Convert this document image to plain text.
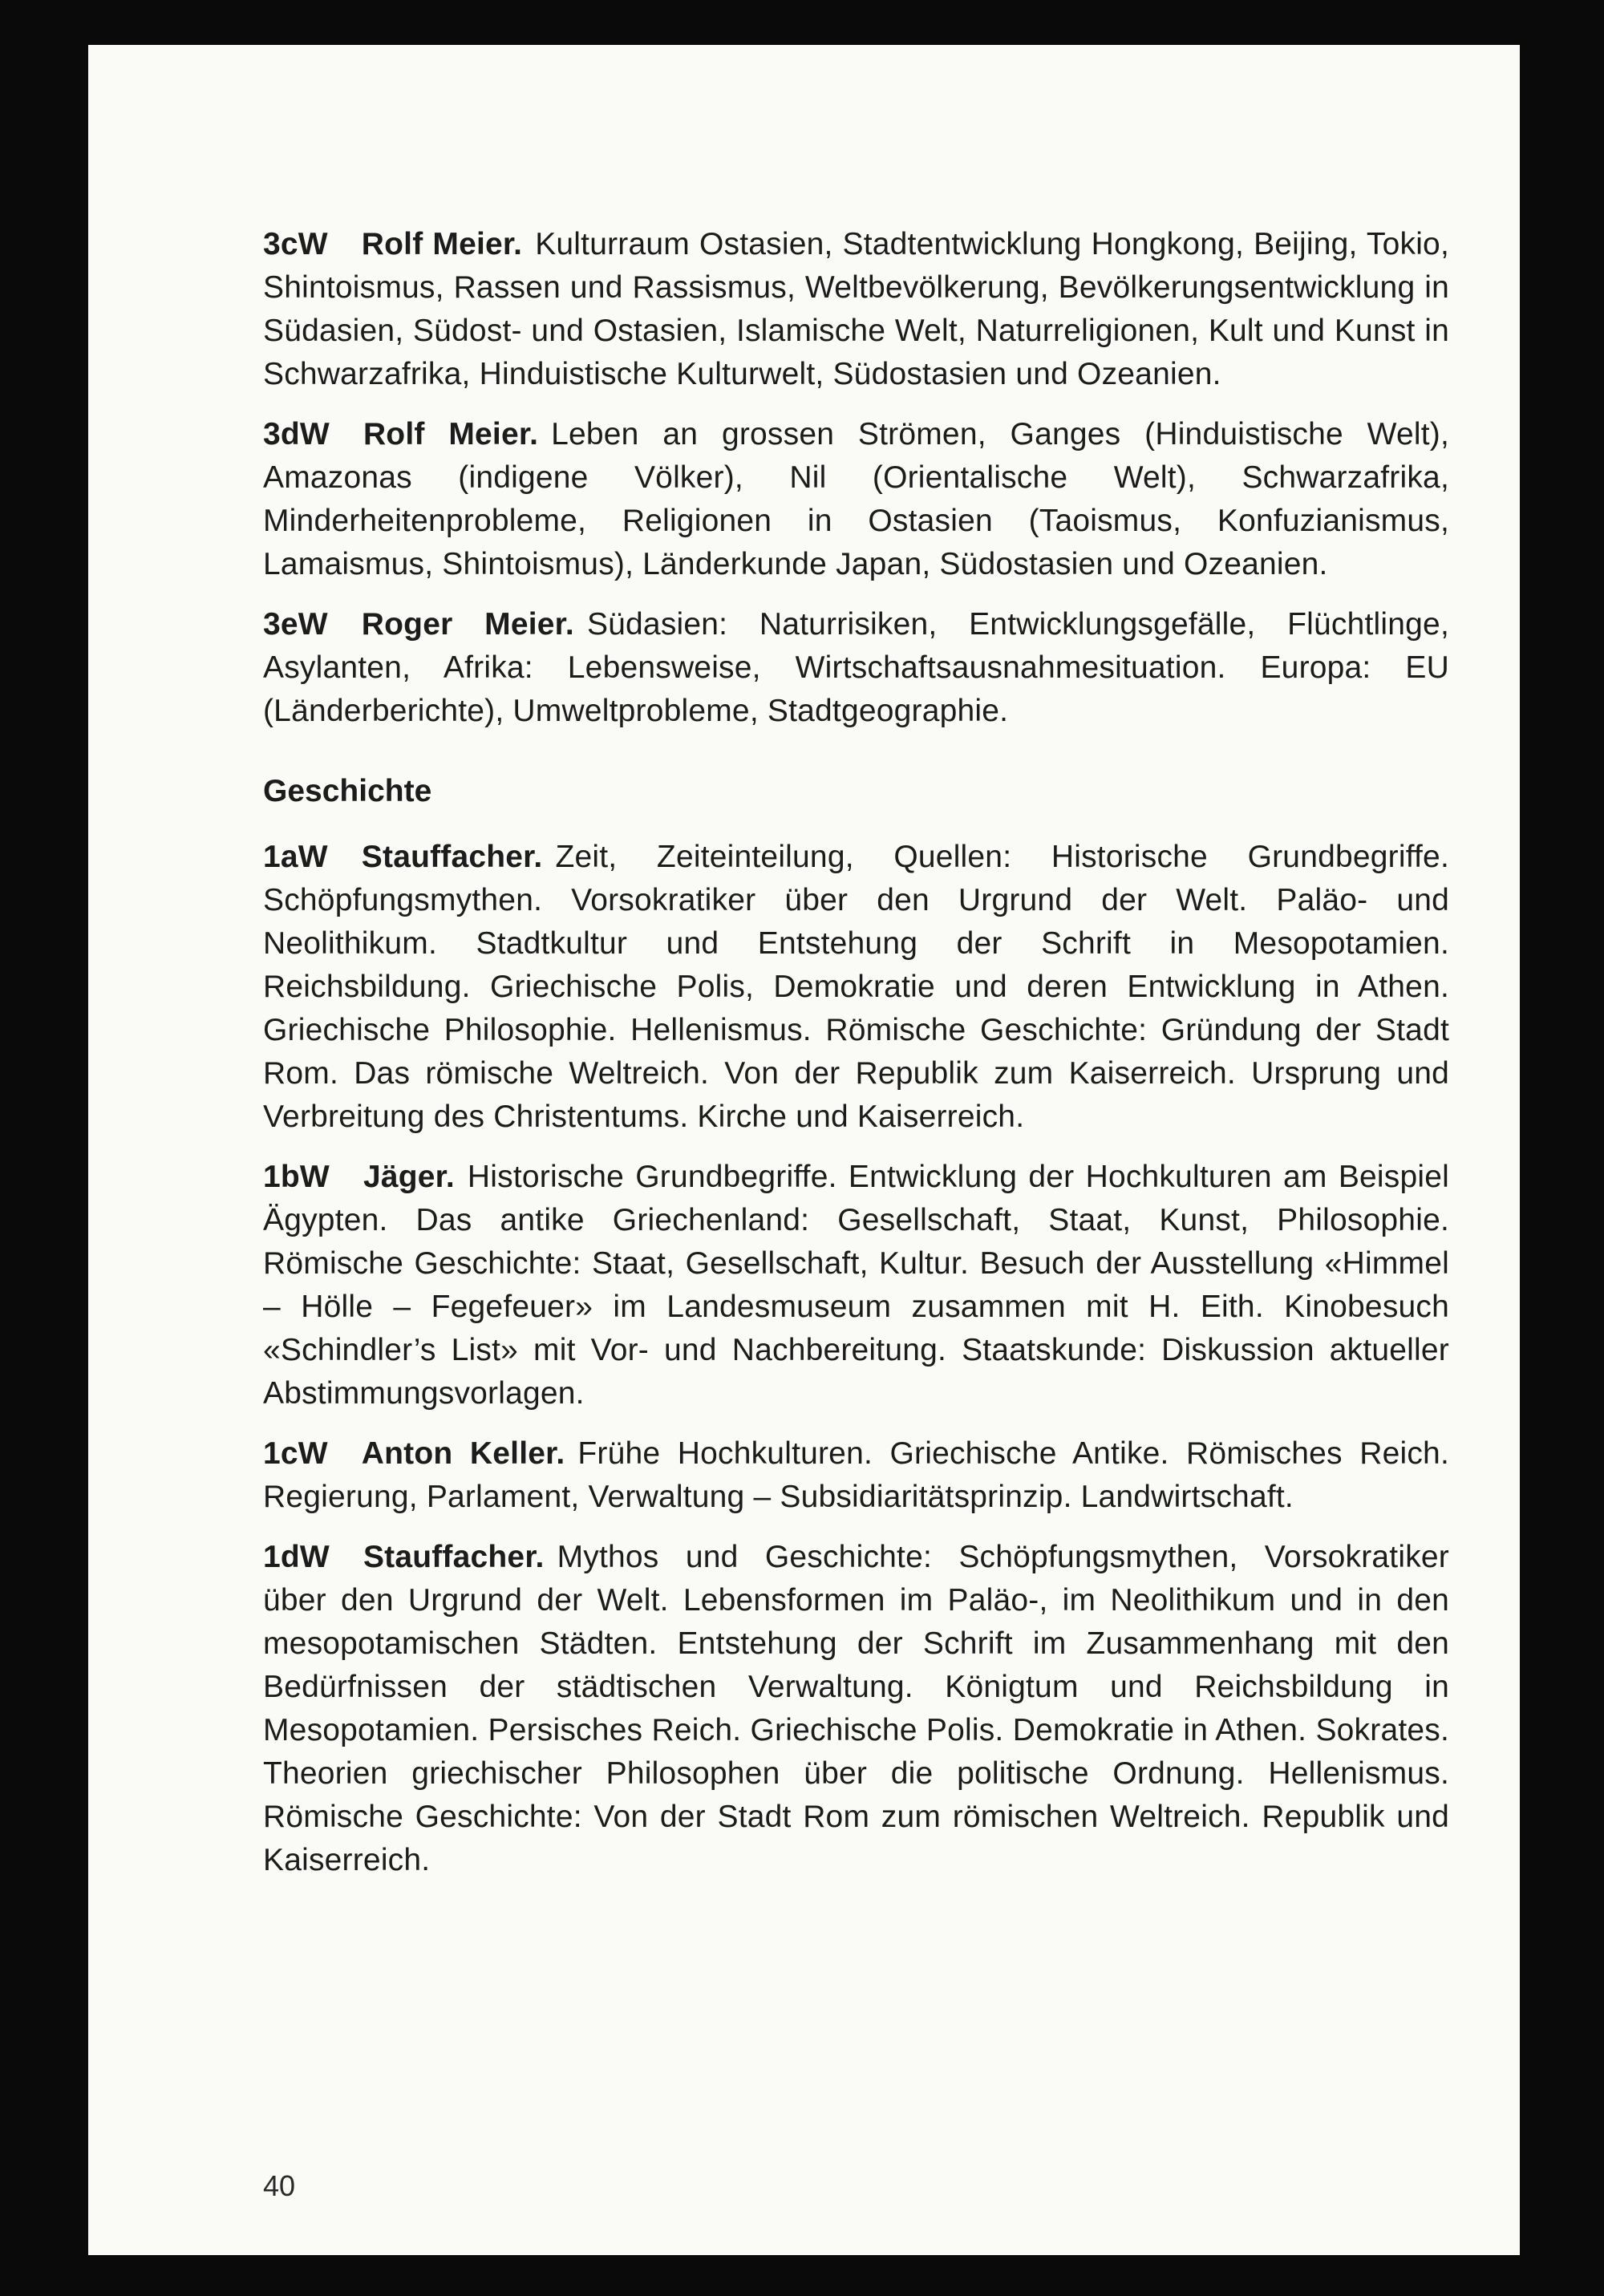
3cW Rolf Meier. Kulturraum Ostasien, Stadtentwicklung Hongkong, Beijing, Tokio, Shintoismus, Rassen und Rassismus, Weltbevölkerung, Bevölkerungsentwicklung in Südasien, Südost- und Ostasien, Islamische Welt, Naturreligionen, Kult und Kunst in Schwarzafrika, Hinduistische Kulturwelt, Südostasien und Ozeanien.

3dW Rolf Meier. Leben an grossen Strömen, Ganges (Hinduistische Welt), Amazonas (indigene Völker), Nil (Orientalische Welt), Schwarzafrika, Minderheitenprobleme, Religionen in Ostasien (Taoismus, Konfuzianismus, Lamaismus, Shintoismus), Länderkunde Japan, Südostasien und Ozeanien.

3eW Roger Meier. Südasien: Naturrisiken, Entwicklungsgefälle, Flüchtlinge, Asylanten, Afrika: Lebensweise, Wirtschaftsausnahmesituation. Europa: EU (Länderberichte), Umweltprobleme, Stadtgeographie.

Geschichte

1aW Stauffacher. Zeit, Zeiteinteilung, Quellen: Historische Grundbegriffe. Schöpfungsmythen. Vorsokratiker über den Urgrund der Welt. Paläo- und Neolithikum. Stadtkultur und Entstehung der Schrift in Mesopotamien. Reichsbildung. Griechische Polis, Demokratie und deren Entwicklung in Athen. Griechische Philosophie. Hellenismus. Römische Geschichte: Gründung der Stadt Rom. Das römische Weltreich. Von der Republik zum Kaiserreich. Ursprung und Verbreitung des Christentums. Kirche und Kaiserreich.

1bW Jäger. Historische Grundbegriffe. Entwicklung der Hochkulturen am Beispiel Ägypten. Das antike Griechenland: Gesellschaft, Staat, Kunst, Philosophie. Römische Geschichte: Staat, Gesellschaft, Kultur. Besuch der Ausstellung «Himmel – Hölle – Fegefeuer» im Landesmuseum zusammen mit H. Eith. Kinobesuch «Schindler’s List» mit Vor- und Nachbereitung. Staatskunde: Diskussion aktueller Abstimmungsvorlagen.

1cW Anton Keller. Frühe Hochkulturen. Griechische Antike. Römisches Reich. Regierung, Parlament, Verwaltung – Subsidiaritätsprinzip. Landwirtschaft.

1dW Stauffacher. Mythos und Geschichte: Schöpfungsmythen, Vorsokratiker über den Urgrund der Welt. Lebensformen im Paläo-, im Neolithikum und in den mesopotamischen Städten. Entstehung der Schrift im Zusammenhang mit den Bedürfnissen der städtischen Verwaltung. Königtum und Reichsbildung in Mesopotamien. Persisches Reich. Griechische Polis. Demokratie in Athen. Sokrates. Theorien griechischer Philosophen über die politische Ordnung. Hellenismus. Römische Geschichte: Von der Stadt Rom zum römischen Weltreich. Republik und Kaiserreich.

40
